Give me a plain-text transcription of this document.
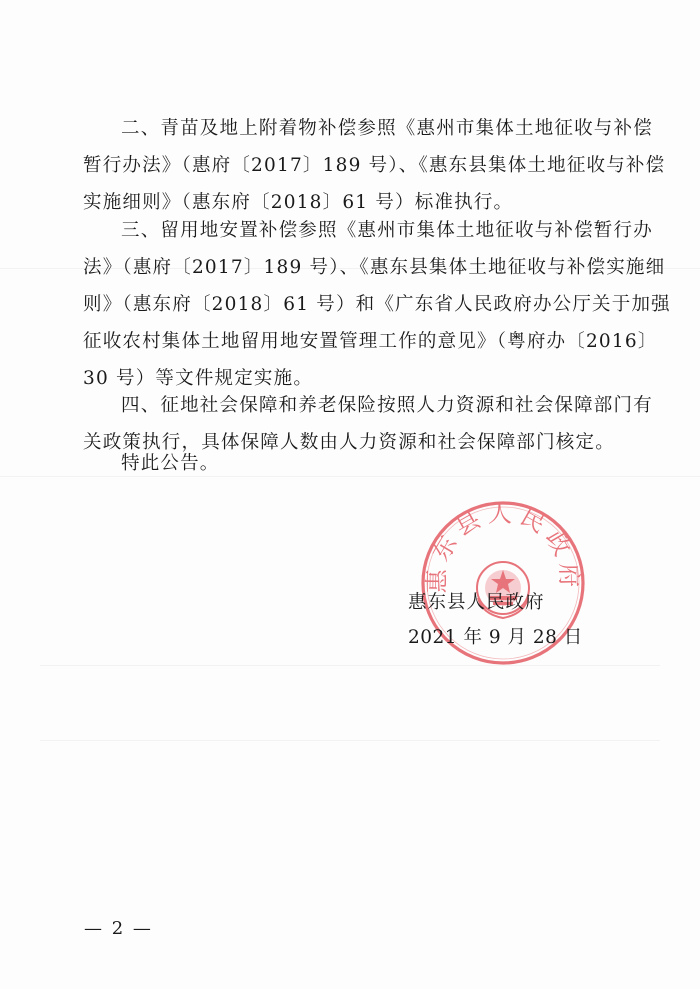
二、青苗及地上附着物补偿参照《惠州市集体土地征收与补偿
暂行办法》（惠府〔2017〕189 号）、《惠东县集体土地征收与补偿
实施细则》（惠东府〔2018〕61 号）标准执行。

三、留用地安置补偿参照《惠州市集体土地征收与补偿暂行办
法》（惠府〔2017〕189 号）、《惠东县集体土地征收与补偿实施细
则》（惠东府〔2018〕61 号）和《广东省人民政府办公厅关于加强
征收农村集体土地留用地安置管理工作的意见》（粤府办〔2016〕
30 号）等文件规定实施。

四、征地社会保障和养老保险按照人力资源和社会保障部门有
关政策执行，具体保障人数由人力资源和社会保障部门核定。

特此公告。
惠东县人民政府
惠东县人民政府
2021 年 9 月 28 日
— 2 —
